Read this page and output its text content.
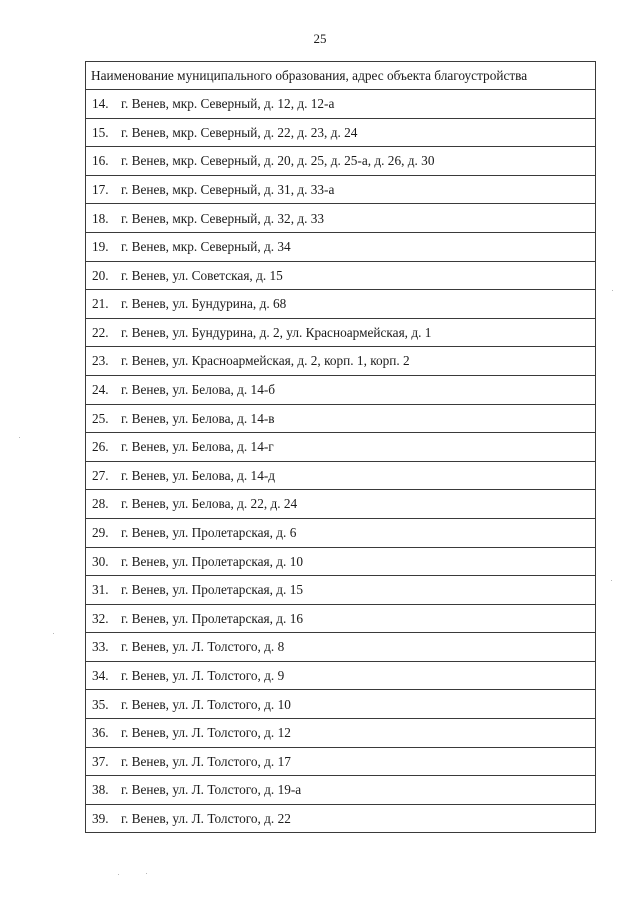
25
Наименование муниципального образования, адрес объекта благоустройства
14. г. Венев, мкр. Северный, д. 12, д. 12-а
15. г. Венев, мкр. Северный, д. 22, д. 23, д. 24
16. г. Венев, мкр. Северный, д. 20, д. 25, д. 25-а, д. 26, д. 30
17. г. Венев, мкр. Северный, д. 31, д. 33-а
18. г. Венев, мкр. Северный, д. 32, д. 33
19. г. Венев, мкр. Северный, д. 34
20. г. Венев, ул. Советская, д. 15
21. г. Венев, ул. Бундурина, д. 68
22. г. Венев, ул. Бундурина, д. 2, ул. Красноармейская, д. 1
23. г. Венев, ул. Красноармейская, д. 2, корп. 1, корп. 2
24. г. Венев, ул. Белова, д. 14-б
25. г. Венев, ул. Белова, д. 14-в
26. г. Венев, ул. Белова, д. 14-г
27. г. Венев, ул. Белова, д. 14-д
28. г. Венев, ул. Белова, д. 22, д. 24
29. г. Венев, ул. Пролетарская, д. 6
30. г. Венев, ул. Пролетарская, д. 10
31. г. Венев, ул. Пролетарская, д. 15
32. г. Венев, ул. Пролетарская, д. 16
33. г. Венев, ул. Л. Толстого, д. 8
34. г. Венев, ул. Л. Толстого, д. 9
35. г. Венев, ул. Л. Толстого, д. 10
36. г. Венев, ул. Л. Толстого, д. 12
37. г. Венев, ул. Л. Толстого, д. 17
38. г. Венев, ул. Л. Толстого, д. 19-а
39. г. Венев, ул. Л. Толстого, д. 22
